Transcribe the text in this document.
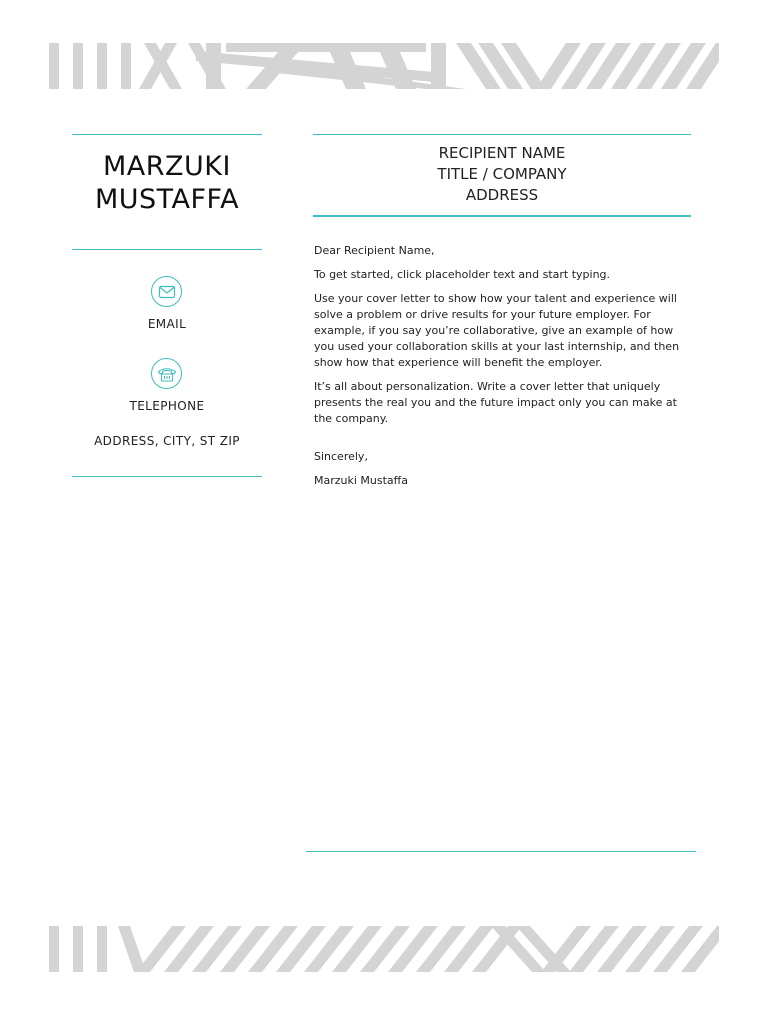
MARZUKI
MUSTAFFA
EMAIL
TELEPHONE
ADDRESS, CITY, ST ZIP
RECIPIENT NAME
TITLE / COMPANY
ADDRESS

Dear Recipient Name,

To get started, click placeholder text and start typing.

Use your cover letter to show how your talent and experience will solve a problem or drive results for your future employer. For example, if you say you’re collaborative, give an example of how you used your collaboration skills at your last internship, and then show how that experience will benefit the employer.

It’s all about personalization. Write a cover letter that uniquely presents the real you and the future impact only you can make at the company.

Sincerely,

Marzuki Mustaffa
